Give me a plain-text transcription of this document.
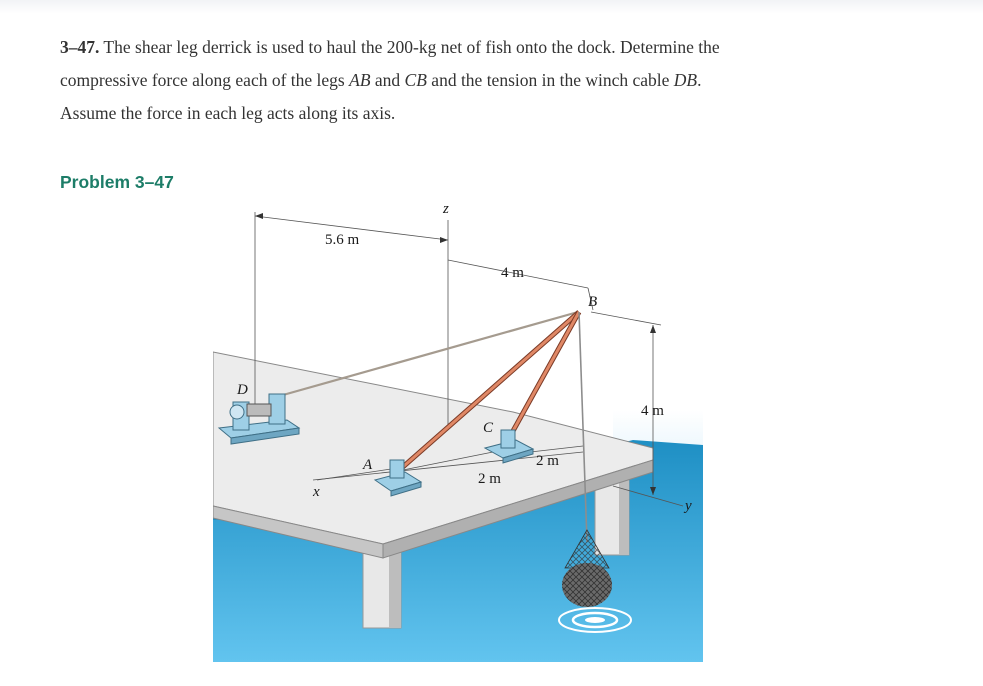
3–47. The shear leg derrick is used to haul the 200-kg net of fish onto the dock. Determine the

compressive force along each of the legs AB and CB and the tension in the winch cable DB.

Assume the force in each leg acts along its axis.

Problem 3–47
5.6 m
4 m
4 m
2 m
2 m
z
x
y
A
B
C
D
